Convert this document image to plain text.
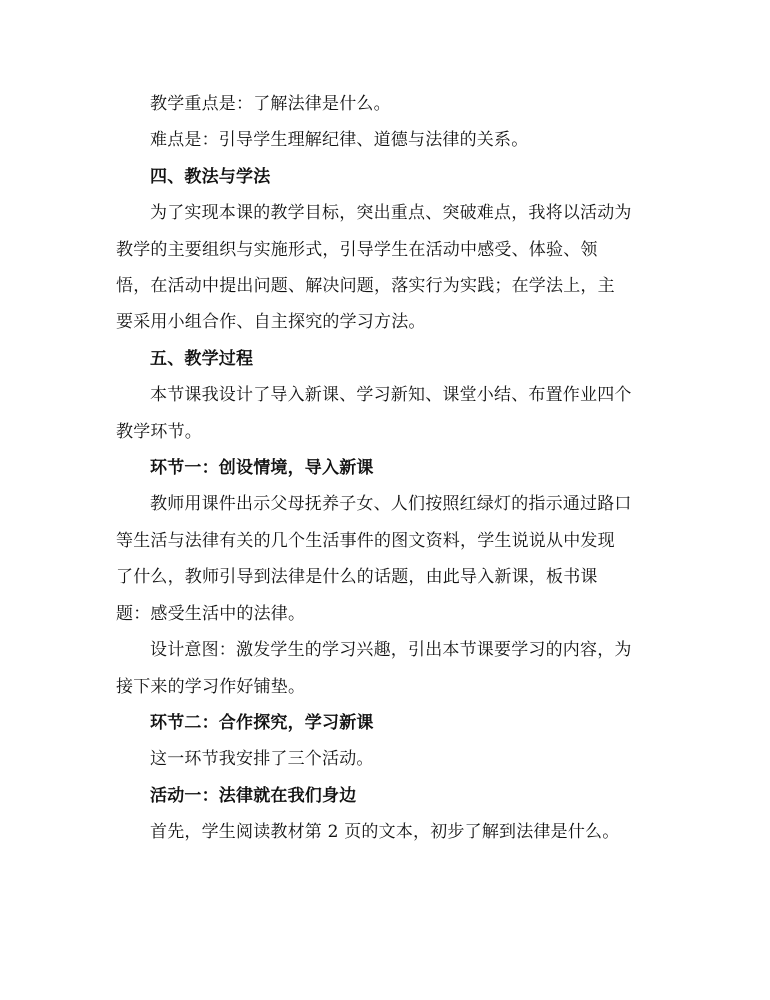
教学重点是：了解法律是什么。

难点是：引导学生理解纪律、道德与法律的关系。

四、教法与学法

为了实现本课的教学目标，突出重点、突破难点，我将以活动为
教学的主要组织与实施形式，引导学生在活动中感受、体验、领
悟，在活动中提出问题、解决问题，落实行为实践；在学法上，主
要采用小组合作、自主探究的学习方法。

五、教学过程

本节课我设计了导入新课、学习新知、课堂小结、布置作业四个
教学环节。

环节一：创设情境，导入新课

教师用课件出示父母抚养子女、人们按照红绿灯的指示通过路口
等生活与法律有关的几个生活事件的图文资料，学生说说从中发现
了什么，教师引导到法律是什么的话题，由此导入新课，板书课
题：感受生活中的法律。

设计意图：激发学生的学习兴趣，引出本节课要学习的内容，为
接下来的学习作好铺垫。

环节二：合作探究，学习新课

这一环节我安排了三个活动。

活动一：法律就在我们身边

首先，学生阅读教材第 2 页的文本，初步了解到法律是什么。
